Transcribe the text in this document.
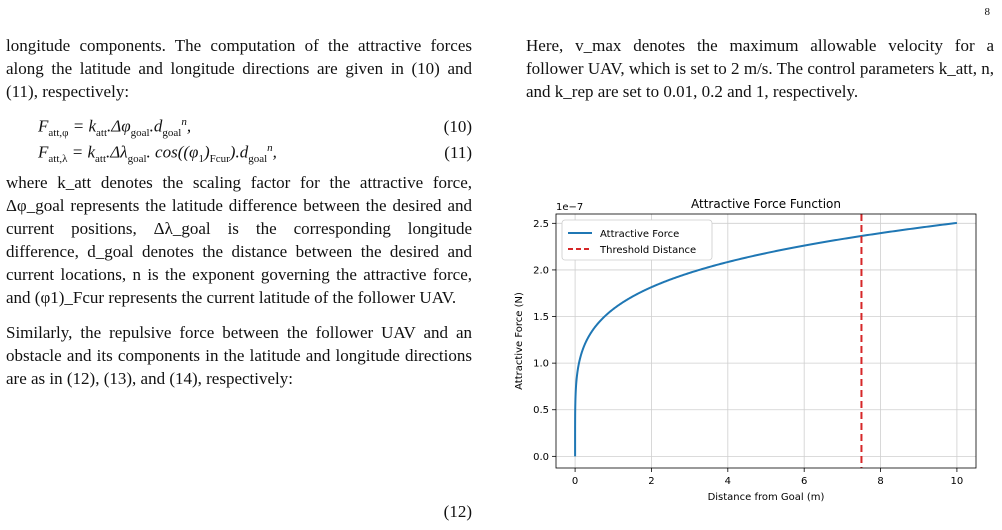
8

longitude components. The computation of the attractive forces along the latitude and longitude directions are given in (10) and (11), respectively:

$F_{att,\varphi} = k_{att}.\Delta\varphi_{goal}.d_{goal}^n$,	(10)
$F_{att,\lambda} = k_{att}.\Delta\lambda_{goal}$. $\cos((\varphi_1)_{Fcur}).d_{goal}^n$,	(11)

where k_att denotes the scaling factor for the attractive force, Δφ_goal represents the latitude difference between the desired and current positions, Δλ_goal is the corresponding longitude difference, d_goal denotes the distance between the desired and current locations, n is the exponent governing the attractive force, and (φ1)_Fcur represents the current latitude of the follower UAV.

Similarly, the repulsive force between the follower UAV and an obstacle and its components in the latitude and longitude directions are as in (12), (13), and (14), respectively:

(12)

Here, v_max denotes the maximum allowable velocity for a follower UAV, which is set to 2 m/s. The control parameters k_att, n, and k_rep are set to 0.01, 0.2 and 1, respectively.

0	2	4	6	8	10
0.0
0.5
1.0
1.5
2.0
2.5
Attractive Force Function
Distance from Goal (m)
Attractive Force (N)
1e−7
Attractive Force
Threshold Distance
